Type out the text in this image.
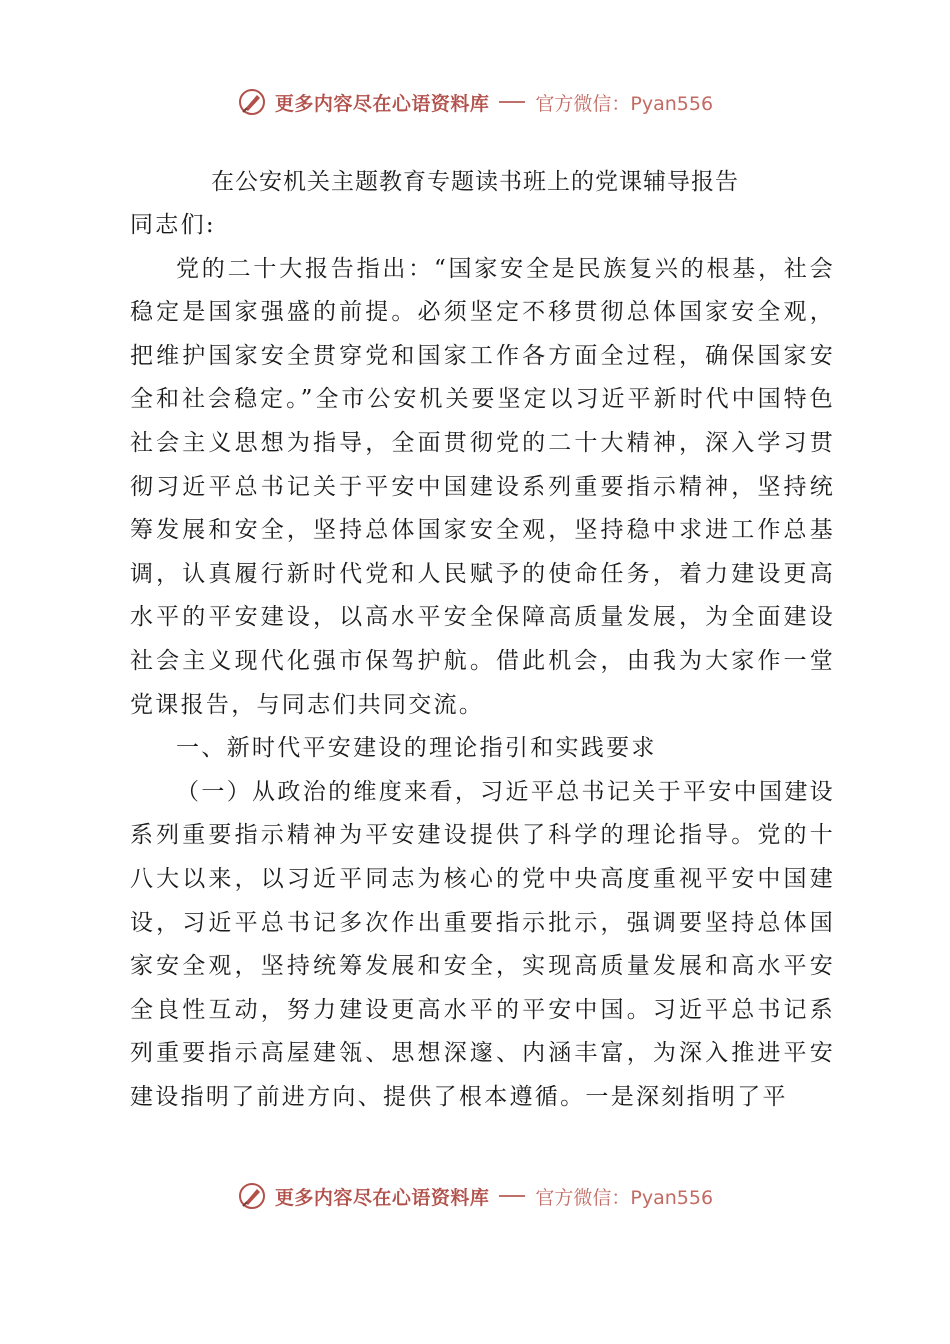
更多内容尽在心语资料库 官方微信：Pyan556
在公安机关主题教育专题读书班上的党课辅导报告

同志们:

党的二十大报告指出：“国家安全是民族复兴的根基，社会稳定是国家强盛的前提。必须坚定不移贯彻总体国家安全观，把维护国家安全贯穿党和国家工作各方面全过程，确保国家安全和社会稳定。”全市公安机关要坚定以习近平新时代中国特色社会主义思想为指导，全面贯彻党的二十大精神，深入学习贯彻习近平总书记关于平安中国建设系列重要指示精神，坚持统筹发展和安全，坚持总体国家安全观，坚持稳中求进工作总基调，认真履行新时代党和人民赋予的使命任务，着力建设更高水平的平安建设，以高水平安全保障高质量发展，为全面建设社会主义现代化强市保驾护航。借此机会，由我为大家作一堂党课报告，与同志们共同交流。

一、新时代平安建设的理论指引和实践要求

（一）从政治的维度来看，习近平总书记关于平安中国建设系列重要指示精神为平安建设提供了科学的理论指导。党的十八大以来，以习近平同志为核心的党中央高度重视平安中国建设，习近平总书记多次作出重要指示批示，强调要坚持总体国家安全观，坚持统筹发展和安全，实现高质量发展和高水平安全良性互动，努力建设更高水平的平安中国。习近平总书记系列重要指示高屋建瓴、思想深邃、内涵丰富，为深入推进平安建设指明了前进方向、提供了根本遵循。一是深刻指明了平

更多内容尽在心语资料库 官方微信：Pyan556
